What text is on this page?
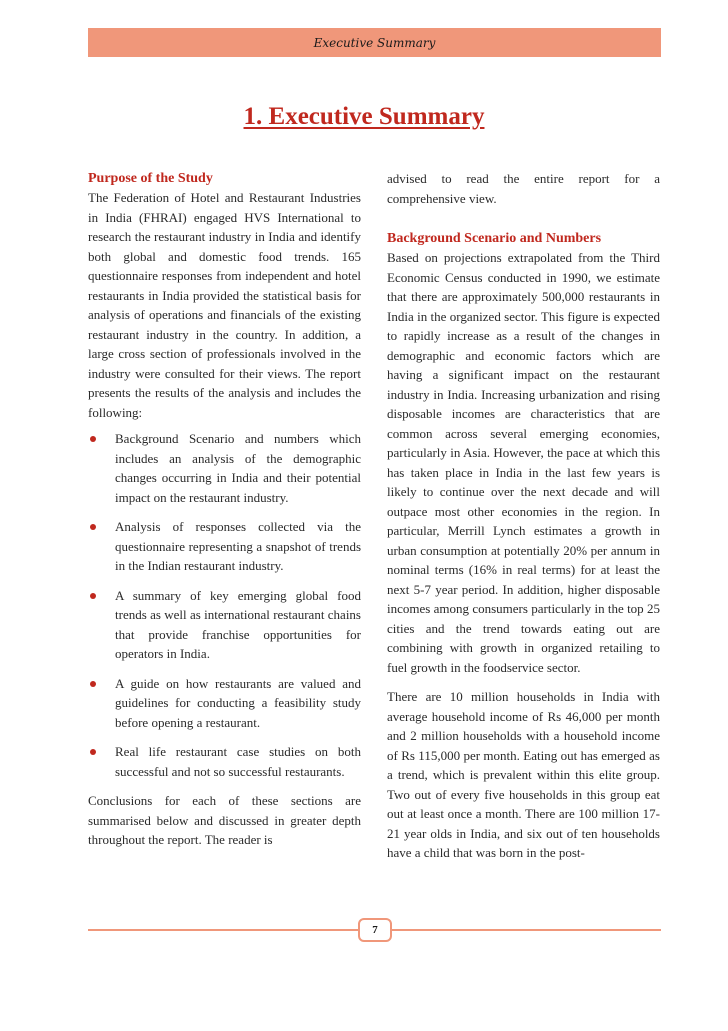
Executive Summary
1. Executive Summary
Purpose of the Study

The Federation of Hotel and Restaurant Industries in India (FHRAI) engaged HVS International to research the restaurant industry in India and identify both global and domestic food trends. 165 questionnaire responses from independent and hotel restaurants in India provided the statistical basis for analysis of operations and financials of the existing restaurant industry in the country. In addition, a large cross section of professionals involved in the industry were consulted for their views. The report presents the results of the analysis and includes the following:

Background Scenario and numbers which includes an analysis of the demographic changes occurring in India and their potential impact on the restaurant industry.
Analysis of responses collected via the questionnaire representing a snapshot of trends in the Indian restaurant industry.
A summary of key emerging global food trends as well as international restaurant chains that provide franchise opportunities for operators in India.
A guide on how restaurants are valued and guidelines for conducting a feasibility study before opening a restaurant.
Real life restaurant case studies on both successful and not so successful restaurants.

Conclusions for each of these sections are summarised below and discussed in greater depth throughout the report. The reader is

advised to read the entire report for a comprehensive view.

Background Scenario and Numbers

Based on projections extrapolated from the Third Economic Census conducted in 1990, we estimate that there are approximately 500,000 restaurants in India in the organized sector. This figure is expected to rapidly increase as a result of the changes in demographic and economic factors which are having a significant impact on the restaurant industry in India. Increasing urbanization and rising disposable incomes are characteristics that are common across several emerging economies, particularly in Asia. However, the pace at which this has taken place in India in the last few years is likely to continue over the next decade and will outpace most other economies in the region. In particular, Merrill Lynch estimates a growth in urban consumption at potentially 20% per annum in nominal terms (16% in real terms) for at least the next 5-7 year period. In addition, higher disposable incomes among consumers particularly in the top 25 cities and the trend towards eating out are combining with growth in organized retailing to fuel growth in the foodservice sector.

There are 10 million households in India with average household income of Rs 46,000 per month and 2 million households with a household income of Rs 115,000 per month. Eating out has emerged as a trend, which is prevalent within this elite group. Two out of every five households in this group eat out at least once a month. There are 100 million 17-21 year olds in India, and six out of ten households have a child that was born in the post-

7
